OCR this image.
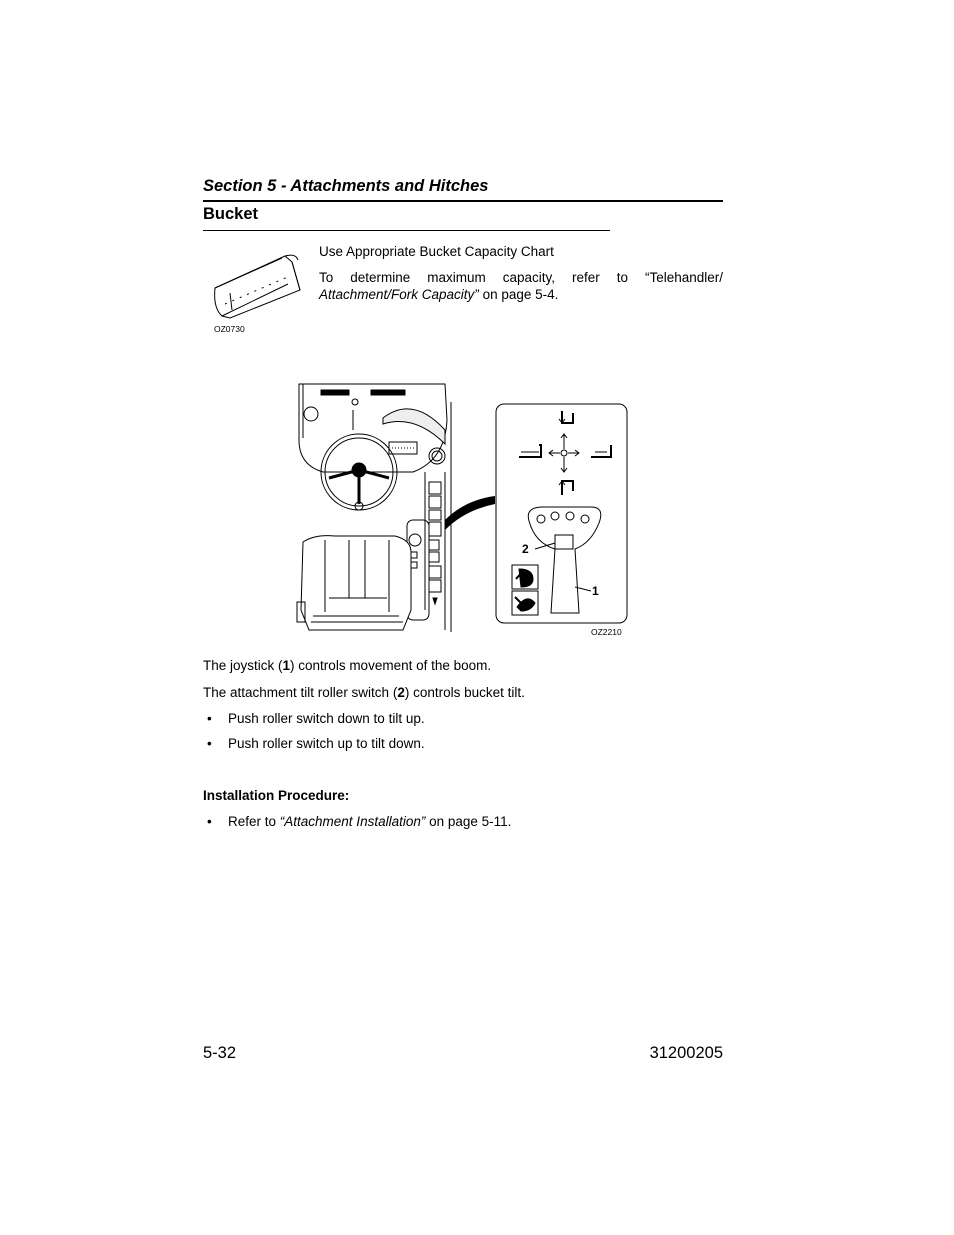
Section 5 - Attachments and Hitches
Bucket
OZ0730
Use Appropriate Bucket Capacity Chart
To determine maximum capacity, refer to “Telehandler/
Attachment/Fork Capacity” on page 5-4.
2
1
OZ2210
The joystick (1) controls movement of the boom.
The attachment tilt roller switch (2) controls bucket tilt.
• Push roller switch down to tilt up.
• Push roller switch up to tilt down.
Installation Procedure:
• Refer to “Attachment Installation” on page 5-11.
5-32	31200205
